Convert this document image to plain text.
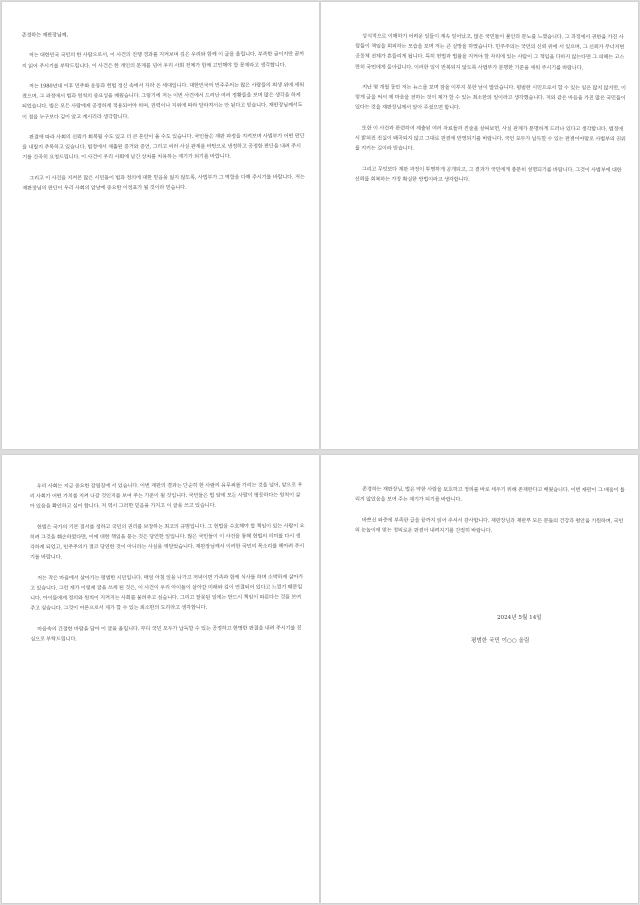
존경하는 재판장님께,

저는 대한민국 국민의 한 사람으로서, 이 사건의 진행 경과를 지켜보며 깊은 우려와 함께 이 글을 올립니다. 부족한 글이지만 끝까지 읽어 주시기를 부탁드립니다. 이 사건은 한 개인의 문제를 넘어 우리 사회 전체가 함께 고민해야 할 문제라고 생각합니다.

저는 1980년대 이후 민주화 운동과 헌법 정신 속에서 자라 온 세대입니다. 대한민국의 민주주의는 많은 사람들의 희생 위에 세워졌으며, 그 과정에서 법과 원칙의 중요성을 배웠습니다. 그렇기에 저는 이번 사건에서 드러난 여러 정황들을 보며 많은 생각을 하게 되었습니다. 법은 모든 사람에게 공정하게 적용되어야 하며, 권력이나 지위에 따라 달라져서는 안 된다고 믿습니다. 재판장님께서도 이 점을 누구보다 깊이 알고 계시리라 생각합니다.

판결에 따라 사회의 신뢰가 회복될 수도 있고 더 큰 혼란이 올 수도 있습니다. 국민들은 재판 과정을 지켜보며 사법부가 어떤 판단을 내릴지 주목하고 있습니다. 법정에서 제출된 증거와 증언, 그리고 여러 사실 관계를 바탕으로 냉정하고 공정한 판단을 내려 주시기를 간곡히 요청드립니다. 이 사건이 우리 사회에 남긴 상처를 치유하는 계기가 되기를 바랍니다.

그리고 이 사건을 지켜본 많은 시민들이 법과 정의에 대한 믿음을 잃지 않도록, 사법부가 그 역할을 다해 주시기를 바랍니다. 저는 재판장님의 판단이 우리 사회의 앞날에 중요한 이정표가 될 것이라 믿습니다.

상식적으로 이해하기 어려운 일들이 계속 일어났고, 많은 국민들이 불안과 분노를 느꼈습니다. 그 과정에서 권한을 가진 사람들이 책임을 회피하는 모습을 보며 저는 큰 실망을 하였습니다. 민주주의는 국민의 신뢰 위에 서 있으며, 그 신뢰가 무너지면 공동체 전체가 흔들리게 됩니다. 특히 헌법과 법률을 지켜야 할 자리에 있는 사람이 그 책임을 다하지 않는다면 그 피해는 고스란히 국민에게 돌아갑니다. 이러한 일이 반복되지 않도록 사법부가 분명한 기준을 세워 주시기를 바랍니다.

지난 몇 개월 동안 저는 뉴스를 보며 잠을 이루지 못한 날이 많았습니다. 평범한 시민으로서 할 수 있는 일은 많지 않지만, 이렇게 글을 써서 제 마음을 전하는 것이 제가 할 수 있는 최소한의 일이라고 생각했습니다. 저와 같은 마음을 가진 많은 국민들이 있다는 것을 재판장님께서 알아 주셨으면 합니다.

또한 이 사건과 관련하여 제출된 여러 자료들과 진술을 살펴보면, 사실 관계가 분명하게 드러나 있다고 생각합니다. 법정에서 밝혀진 진실이 왜곡되지 않고 그대로 판결에 반영되기를 바랍니다. 국민 모두가 납득할 수 있는 판결이야말로 사법부의 권위를 지키는 길이라 믿습니다.

그리고 무엇보다 재판 과정이 투명하게 공개되고, 그 결과가 국민에게 충분히 설명되기를 바랍니다. 그것이 사법부에 대한 신뢰를 회복하는 가장 확실한 방법이라고 생각합니다.

우리 사회는 지금 중요한 갈림길에 서 있습니다. 이번 재판의 결과는 단순히 한 사람의 유무죄를 가리는 것을 넘어, 앞으로 우리 사회가 어떤 가치를 지켜 나갈 것인지를 보여 주는 기준이 될 것입니다. 국민들은 법 앞에 모든 사람이 평등하다는 원칙이 살아 있음을 확인하고 싶어 합니다. 저 역시 그러한 믿음을 가지고 이 글을 쓰고 있습니다.

헌법은 국가의 기본 질서를 정하고 국민의 권리를 보장하는 최고의 규범입니다. 그 헌법을 수호해야 할 책임이 있는 사람이 오히려 그것을 훼손하였다면, 이에 대한 책임을 묻는 것은 당연한 일입니다. 많은 국민들이 이 사건을 통해 헌법의 의미를 다시 생각하게 되었고, 민주주의가 결코 당연한 것이 아니라는 사실을 깨달았습니다. 재판장님께서 이러한 국민의 목소리를 헤아려 주시기를 바랍니다.

저는 작은 마을에서 살아가는 평범한 시민입니다. 매일 아침 일을 나가고 저녁이면 가족과 함께 식사를 하며 소박하게 살아가고 있습니다. 그런 제가 이렇게 글을 쓰게 된 것은, 이 사건이 우리 아이들이 살아갈 미래와 깊이 연결되어 있다고 느꼈기 때문입니다. 아이들에게 정의와 원칙이 지켜지는 사회를 물려주고 싶습니다. 그리고 잘못된 일에는 반드시 책임이 따른다는 것을 보여 주고 싶습니다. 그것이 어른으로서 제가 할 수 있는 최소한의 도리라고 생각합니다.

마음속의 간절한 바람을 담아 이 글을 올립니다. 부디 국민 모두가 납득할 수 있는 공정하고 현명한 판결을 내려 주시기를 진심으로 부탁드립니다.

존경하는 재판장님, 법은 약한 사람을 보호하고 정의를 바로 세우기 위해 존재한다고 배웠습니다. 이번 재판이 그 배움이 틀리지 않았음을 보여 주는 계기가 되기를 바랍니다.

바쁘신 와중에 부족한 글을 끝까지 읽어 주셔서 감사합니다. 재판장님과 재판부 모든 분들의 건강과 평안을 기원하며, 국민의 눈높이에 맞는 정의로운 판결이 내려지기를 간절히 바랍니다.

2024년 5월 14일
평범한 국민 이○○ 올림
